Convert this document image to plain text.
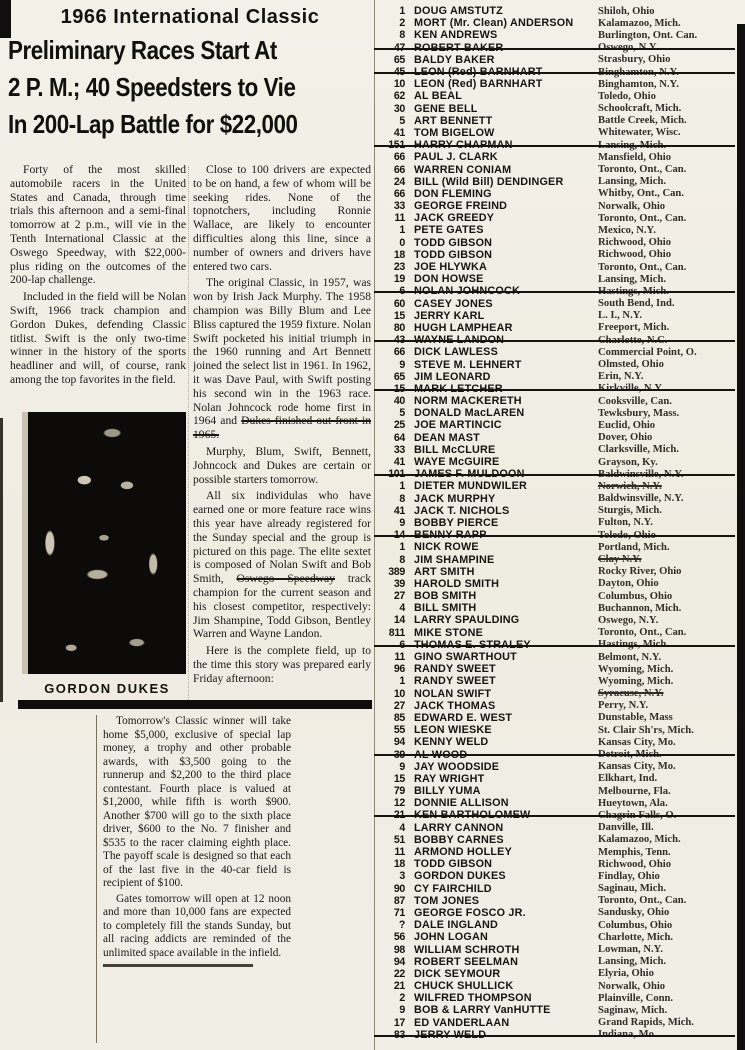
1966 International Classic
Preliminary Races Start At
2 P. M.; 40 Speedsters to Vie
In 200-Lap Battle for $22,000

Forty of the most skilled automobile racers in the United States and Canada, through time trials this afternoon and a semi-final tomorrow at 2 p.m., will vie in the Tenth International Classic at the Oswego Speedway, with $22,000-plus riding on the outcomes of the 200-lap challenge.

Included in the field will be Nolan Swift, 1966 track champion and Gordon Dukes, defending Classic titlist. Swift is the only two-time winner in the history of the sports headliner and will, of course, rank among the top favorites in the field.

Close to 100 drivers are expected to be on hand, a few of whom will be seeking rides. None of the topnotchers, including Ronnie Wallace, are likely to encounter difficulties along this line, since a number of owners and drivers have entered two cars.

The original Classic, in 1957, was won by Irish Jack Murphy. The 1958 champion was Billy Blum and Lee Bliss captured the 1959 fixture. Nolan Swift pocketed his initial triumph in the 1960 running and Art Bennett joined the select list in 1961. In 1962, it was Dave Paul, with Swift posting his second win in the 1963 race. Nolan Johncock rode home first in 1964 and Dukes finished out front in 1965.

Murphy, Blum, Swift, Bennett, Johncock and Dukes are certain or possible starters tomorrow.

All six individulas who have earned one or more feature race wins this year have already registered for the Sunday special and the group is pictured on this page. The elite sextet is composed of Nolan Swift and Bob Smith, Oswego Speedway track champion for the current season and his closest competitor, respectively: Jim Shampine, Todd Gibson, Bentley Warren and Wayne Landon.

Here is the complete field, up to the time this story was prepared early Friday afternoon:

GORDON DUKES

Tomorrow's Classic winner will take home $5,000, exclusive of special lap money, a trophy and other probable awards, with $3,500 going to the runnerup and $2,200 to the third place contestant. Fourth place is valued at $1,2000, while fifth is worth $900. Another $700 will go to the sixth place driver, $600 to the No. 7 finisher and $535 to the racer claiming eighth place. The payoff scale is designed so that each of the last five in the 40-car field is recipient of $100.

Gates tomorrow will open at 12 noon and more than 10,000 fans are expected to completely fill the stands Sunday, but all racing addicts are reminded of the unlimited space available in the infield.

1 DOUG AMSTUTZ	Shiloh, Ohio
2 MORT (Mr. Clean) ANDERSON Kalamazoo, Mich.
8 KEN ANDREWS	Burlington, Ont. Can.
47 ROBERT BAKER	Oswego, N.Y.
65 BALDY BAKER	Strasbury, Ohio
45 LEON (Red) BARNHART	Binghamton, N.Y.
10 LEON (Red) BARNHART	Binghamton, N.Y.
62 AL BEAL	Toledo, Ohio
30 GENE BELL	Schoolcraft, Mich.
5 ART BENNETT	Battle Creek, Mich.
41 TOM BIGELOW	Whitewater, Wisc.
151 HARRY CHAPMAN	Lansing, Mich.
66 PAUL J. CLARK	Mansfield, Ohio
66 WARREN CONIAM	Toronto, Ont., Can.
24 BILL (Wild Bill) DENDINGER	Lansing, Mich.
66 DON FLEMING	Whitby, Ont., Can.
33 GEORGE FREIND	Norwalk, Ohio
11 JACK GREEDY	Toronto, Ont., Can.
1 PETE GATES	Mexico, N.Y.
0 TODD GIBSON	Richwood, Ohio
18 TODD GIBSON	Richwood, Ohio
23 JOE HLYWKA	Toronto, Ont., Can.
19 DON HOWSE	Lansing, Mich.
6 NOLAN JOHNCOCK	Hastings, Mich.
60 CASEY JONES	South Bend, Ind.
15 JERRY KARL	L. I., N.Y.
80 HUGH LAMPHEAR	Freeport, Mich.
43 WAYNE LANDON	Charlotte, N.C.
66 DICK LAWLESS	Commercial Point, O.
9 STEVE M. LEHNERT	Olmsted, Ohio
65 JIM LEONARD	Erin, N.Y.
15 MARK LETCHER	Kirkville, N.Y.
40 NORM MACKERETH	Cooksville, Can.
5 DONALD MacLAREN	Tewksbury, Mass.
25 JOE MARTINCIC	Euclid, Ohio
64 DEAN MAST	Dover, Ohio
33 BILL McCLURE	Clarksville, Mich.
41 WAYE McGUIRE	Grayson, Ky.
101 JAMES F. MULDOON	Baldwinsville, N.Y.
1 DIETER MUNDWILER	Norwich, N.Y.
8 JACK MURPHY	Baldwinsville, N.Y.
41 JACK T. NICHOLS	Sturgis, Mich.
9 BOBBY PIERCE	Fulton, N.Y.
14 BENNY RAPP	Toledo, Ohio
1 NICK ROWE	Portland, Mich.
8 JIM SHAMPINE	Clay N.Y.
389 ART SMITH	Rocky River, Ohio
39 HAROLD SMITH	Dayton, Ohio
27 BOB SMITH	Columbus, Ohio
4 BILL SMITH	Buchannon, Mich.
14 LARRY SPAULDING	Oswego, N.Y.
811 MIKE STONE	Toronto, Ont., Can.
6 THOMAS E. STRALEY	Hastings, Mich.
11 GINO SWARTHOUT	Belmont, N.Y.
96 RANDY SWEET	Wyoming, Mich.
1 RANDY SWEET	Wyoming, Mich.
10 NOLAN SWIFT	Syracuse, N.Y.
27 JACK THOMAS	Perry, N.Y.
85 EDWARD E. WEST	Dunstable, Mass
55 LEON WIESKE	St. Clair Sh'rs, Mich.
94 KENNY WELD	Kansas City, Mo.
39 AL WOOD	Detroit, Mich.
9 JAY WOODSIDE	Kansas City, Mo.
15 RAY WRIGHT	Elkhart, Ind.
79 BILLY YUMA	Melbourne, Fla.
12 DONNIE ALLISON	Hueytown, Ala.
21 KEN BARTHOLOMEW	Chagrin Falls, O.
4 LARRY CANNON	Danville, Ill.
51 BOBBY CARNES	Kalamazoo, Mich.
11 ARMOND HOLLEY	Memphis, Tenn.
18 TODD GIBSON	Richwood, Ohio
3 GORDON DUKES	Findlay, Ohio
90 CY FAIRCHILD	Saginau, Mich.
87 TOM JONES	Toronto, Ont., Can.
71 GEORGE FOSCO JR.	Sandusky, Ohio
? DALE INGLAND	Columbus, Ohio
56 JOHN LOGAN	Charlotte, Mich.
98 WILLIAM SCHROTH	Lowman, N.Y.
94 ROBERT SEELMAN	Lansing, Mich.
22 DICK SEYMOUR	Elyria, Ohio
21 CHUCK SHULLICK	Norwalk, Ohio
2 WILFRED THOMPSON	Plainville, Conn.
9 BOB & LARRY VanHUTTE	Saginaw, Mich.
17 ED VANDERLAAN	Grand Rapids, Mich.
83 JERRY WELD	Indiana, Mo.
